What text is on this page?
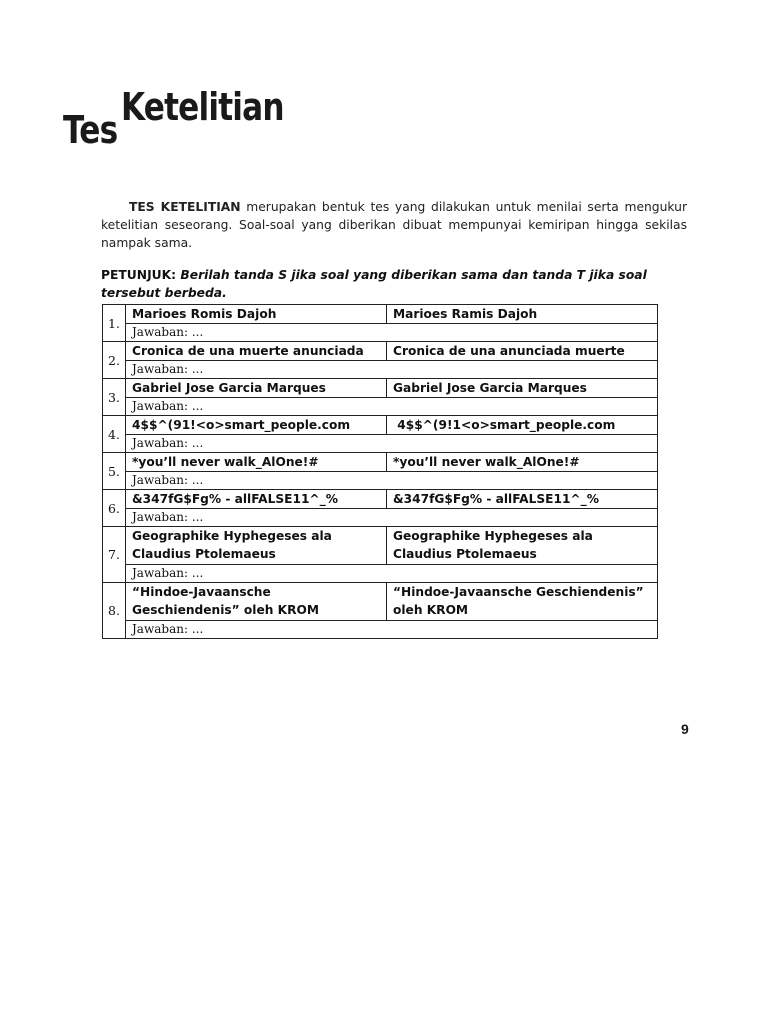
Tes
Ketelitian
TES KETELITIAN merupakan bentuk tes yang dilakukan untuk menilai serta mengukur ketelitian seseorang. Soal-soal yang diberikan dibuat mempunyai kemiripan hingga sekilas nampak sama.
PETUNJUK: Berilah tanda S jika soal yang diberikan sama dan tanda T jika soal tersebut berbeda.
1.	Marioes Romis Dajoh	Marioes Ramis Dajoh
	Jawaban: ...	
2.	Cronica de una muerte anunciada	Cronica de una anunciada muerte
	Jawaban: ...	
3.	Gabriel Jose Garcia Marques	Gabriel Jose Garcia Marques
	Jawaban: ...	
4.	4$$^(91!<o>smart_people.com	4$$^(9!1<o>smart_people.com
	Jawaban: ...	
5.	*you’ll never walk_AlOne!#	*you’ll never walk_AlOne!#
	Jawaban: ...	
6.	&347fG$Fg% - allFALSE11^_%	&347fG$Fg% - allFALSE11^_%
	Jawaban: ...	
7.	Geographike Hyphegeses ala Claudius Ptolemaeus	Geographike Hyphegeses ala Claudius Ptolemaeus
	Jawaban: ...	
8.	“Hindoe-Javaansche Geschiendenis” oleh KROM	“Hindoe-Javaansche Geschiendenis” oleh KROM
	Jawaban: ...	
9
